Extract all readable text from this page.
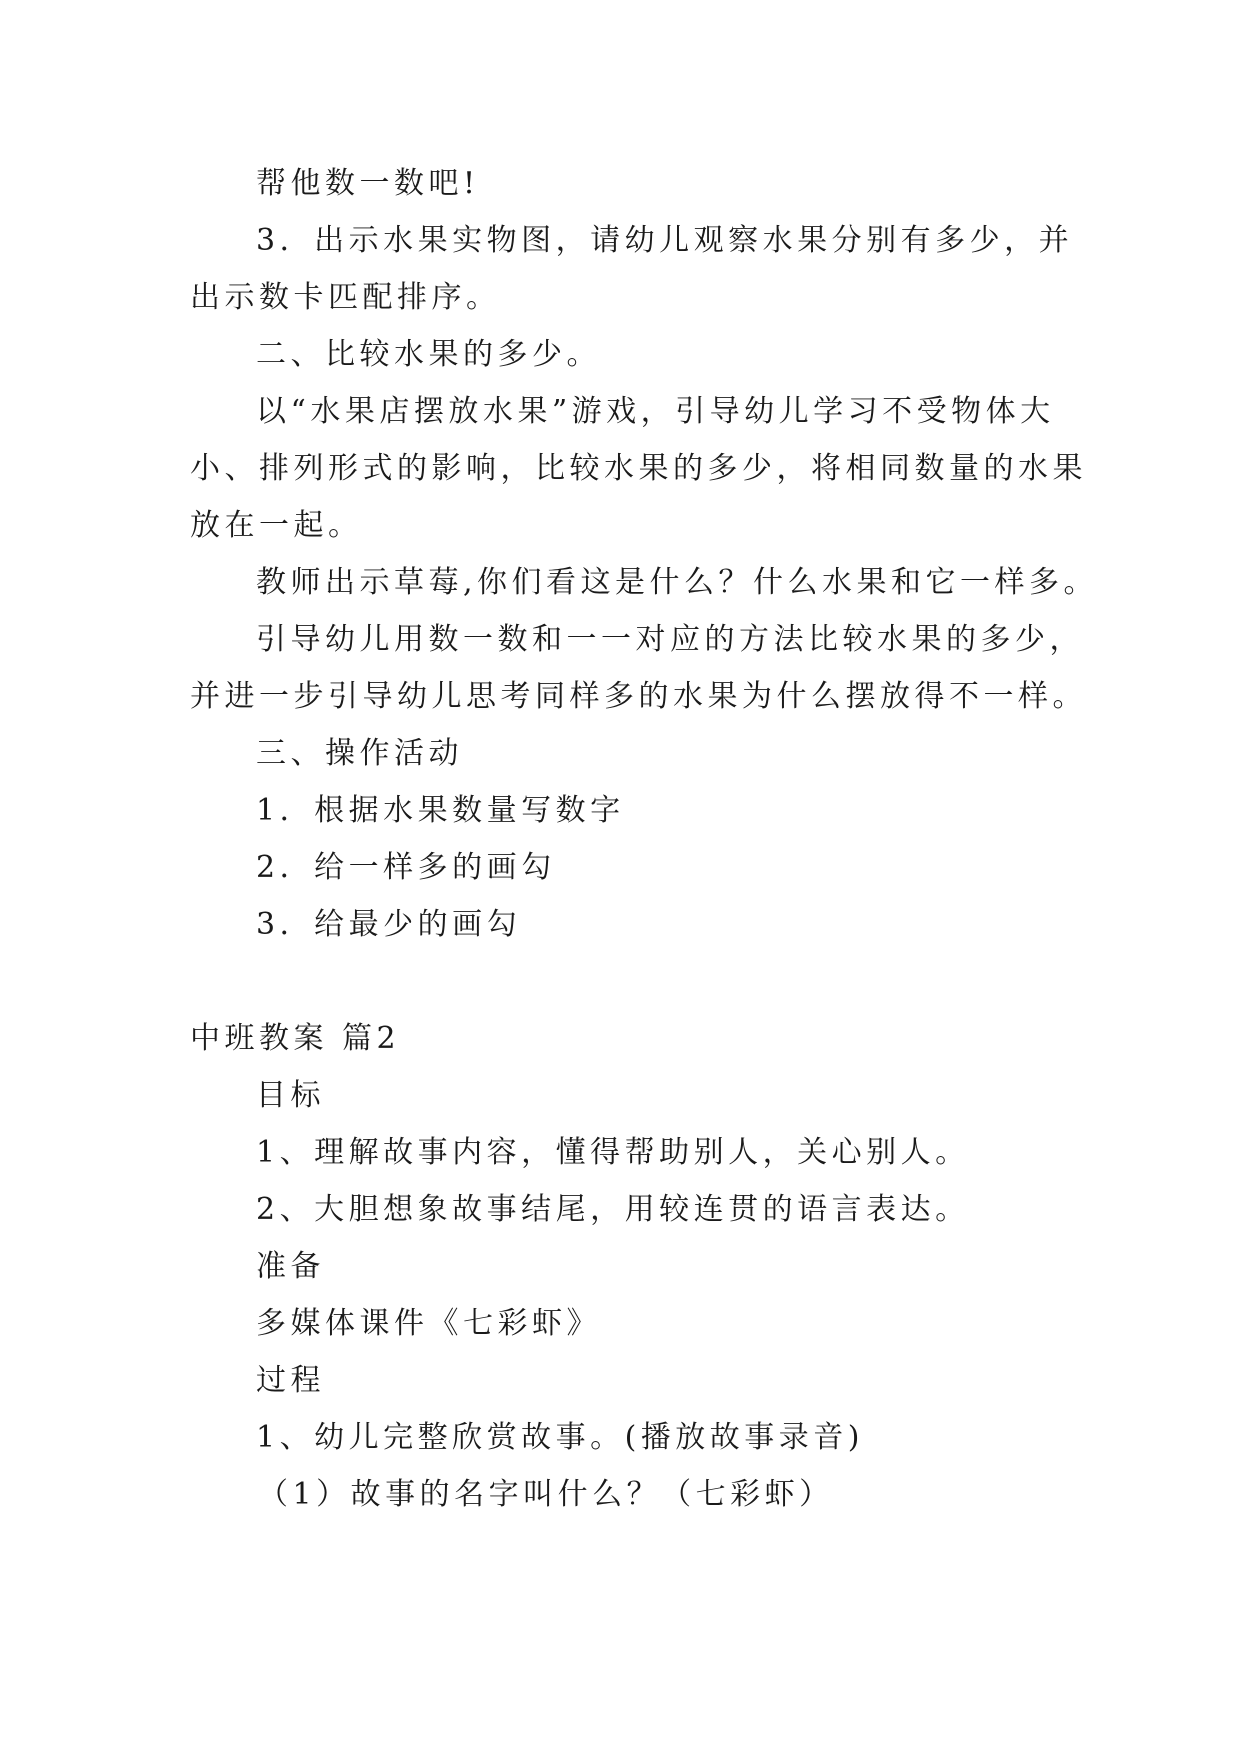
帮他数一数吧!
3．出示水果实物图，请幼儿观察水果分别有多少，并
出示数卡匹配排序。
二、比较水果的多少。
以“水果店摆放水果”游戏，引导幼儿学习不受物体大
小、排列形式的影响，比较水果的多少，将相同数量的水果
放在一起。
教师出示草莓,你们看这是什么？什么水果和它一样多。
引导幼儿用数一数和一一对应的方法比较水果的多少，
并进一步引导幼儿思考同样多的水果为什么摆放得不一样。
三、操作活动
1．根据水果数量写数字
2．给一样多的画勾
3．给最少的画勾
中班教案 篇2
目标
1、理解故事内容，懂得帮助别人，关心别人。
2、大胆想象故事结尾，用较连贯的语言表达。
准备
多媒体课件《七彩虾》
过程
1、幼儿完整欣赏故事。(播放故事录音)
（1）故事的名字叫什么？（七彩虾）
